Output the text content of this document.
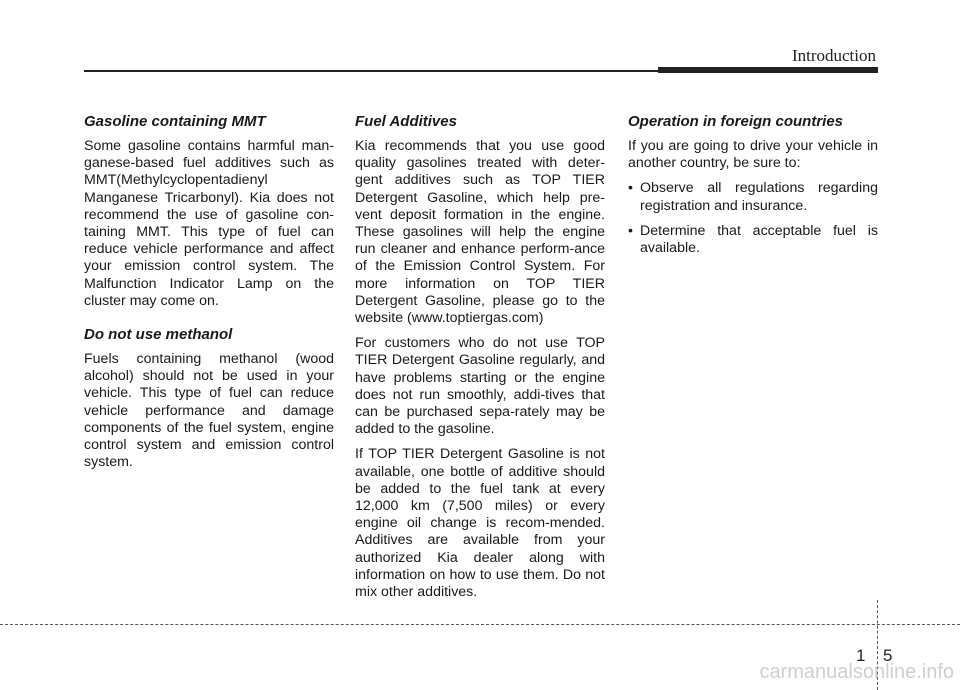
Introduction
Gasoline containing MMT

Some gasoline contains harmful man-ganese-based fuel additives such as MMT(Methylcyclopentadienyl Manganese Tricarbonyl). Kia does not recommend the use of gasoline con-taining MMT. This type of fuel can reduce vehicle performance and affect your emission control system. The Malfunction Indicator Lamp on the cluster may come on.

Do not use methanol

Fuels containing methanol (wood alcohol) should not be used in your vehicle. This type of fuel can reduce vehicle performance and damage components of the fuel system, engine control system and emission control system.

Fuel Additives

Kia recommends that you use good quality gasolines treated with deter-gent additives such as TOP TIER Detergent Gasoline, which help pre-vent deposit formation in the engine. These gasolines will help the engine run cleaner and enhance perform-ance of the Emission Control System. For more information on TOP TIER Detergent Gasoline, please go to the website (www.toptiergas.com)

For customers who do not use TOP TIER Detergent Gasoline regularly, and have problems starting or the engine does not run smoothly, addi-tives that can be purchased sepa-rately may be added to the gasoline.

If TOP TIER Detergent Gasoline is not available, one bottle of additive should be added to the fuel tank at every 12,000 km (7,500 miles) or every engine oil change is recom-mended. Additives are available from your authorized Kia dealer along with information on how to use them. Do not mix other additives.

Operation in foreign countries

If you are going to drive your vehicle in another country, be sure to:

• Observe all regulations regarding registration and insurance.
• Determine that acceptable fuel is available.
1 5
carmanualsonline.info
